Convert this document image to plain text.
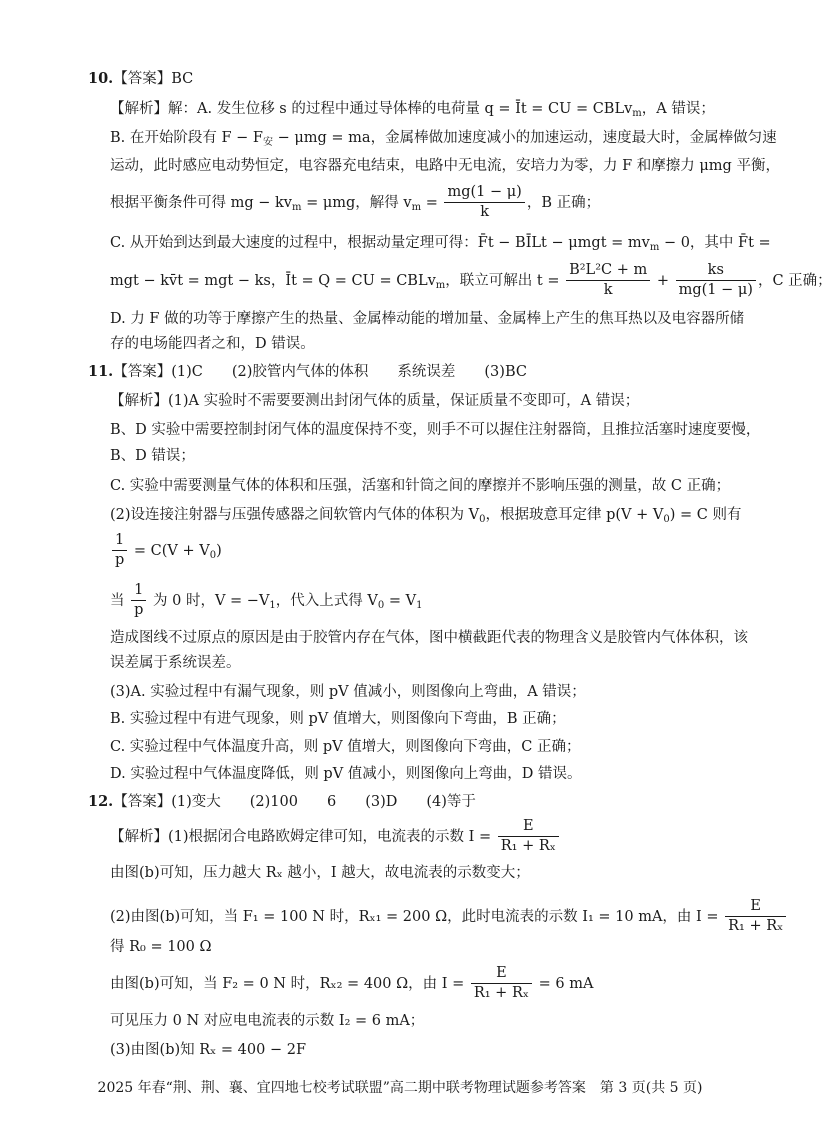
10.【答案】BC
【解析】解：A. 发生位移 s 的过程中通过导体棒的电荷量 q = Īt = CU = CBLv$_m$，A 错误；
B. 在开始阶段有 $F - F_安 - \mu mg$ = ma，金属棒做加速度减小的加速运动，速度最大时，金属棒做匀速
运动，此时感应电动势恒定，电容器充电结束，电路中无电流，安培力为零，力 F 和摩擦力 μmg 平衡，
根据平衡条件可得 mg − $kv_m = \mu mg$，解得 $v_m = \frac{mg(1 - \mu)}{k}$ ，B 正确；
C. 从开始到达到最大速度的过程中，根据动量定理可得：F̄t − BĪLt − $\mu mgt = mv_m - 0$，其中 F̄t =
mgt − kv̄t = mgt − ks，Īt = Q = CU = CBLv$_m$，联立可解出 $t = \frac{\text{B²L²C + m}}{k} + \frac{ks}{mg(1 - \mu)}$ ，C 正确；
D. 力 F 做的功等于摩擦产生的热量、金属棒动能的增加量、金属棒上产生的焦耳热以及电容器所储
存的电场能四者之和，D 错误。
11.【答案】(1)C　　(2)胶管内气体的体积　　系统误差　　(3)BC
【解析】(1)A 实验时不需要要测出封闭气体的质量，保证质量不变即可，A 错误；
B、D 实验中需要控制封闭气体的温度保持不变，则手不可以握住注射器筒，且推拉活塞时速度要慢，
B、D 错误；
C. 实验中需要测量气体的体积和压强，活塞和针筒之间的摩擦并不影响压强的测量，故 C 正确；
(2)设连接注射器与压强传感器之间软管内气体的体积为 $V_0$，根据玻意耳定律 $p(V + V_0) = C$ 则有
$\frac{1}{p} = C(V + V_0)$
当 $\frac{1}{p}$ 为 0 时，$V = -V_1$，代入上式得 $V_0 = V_1$
造成图线不过原点的原因是由于胶管内存在气体，图中横截距代表的物理含义是胶管内气体体积，该
误差属于系统误差。
(3)A. 实验过程中有漏气现象，则 pV 值减小，则图像向上弯曲，A 错误；
B. 实验过程中有进气现象，则 pV 值增大，则图像向下弯曲，B 正确；
C. 实验过程中气体温度升高，则 pV 值增大，则图像向下弯曲，C 正确；
D. 实验过程中气体温度降低，则 pV 值减小，则图像向上弯曲，D 错误。
12.【答案】(1)变大　　(2)100　　6　　(3)D　　(4)等于
【解析】(1)根据闭合电路欧姆定律可知，电流表的示数 $I = \frac{E}{\text{R₁ + Rₓ}}$
由图(b)可知，压力越大 Rₓ 越小，I 越大，故电流表的示数变大；
(2)由图(b)可知，当 F₁ = 100 N 时，Rₓ₁ = 200 Ω，此时电流表的示数 I₁ = 10 mA，由 $I = \frac{E}{\text{R₁ + Rₓ}}$
得 R₀ = 100 Ω
由图(b)可知，当 F₂ = 0 N 时，Rₓ₂ = 400 Ω，由 $I = \frac{E}{\text{R₁ + Rₓ}} = 6$ mA
可见压力 0 N 对应电电流表的示数 I₂ = 6 mA；
(3)由图(b)知 Rₓ = 400 − 2F
2025 年春“荆、荆、襄、宜四地七校考试联盟”高二期中联考物理试题参考答案　第 3 页(共 5 页)
